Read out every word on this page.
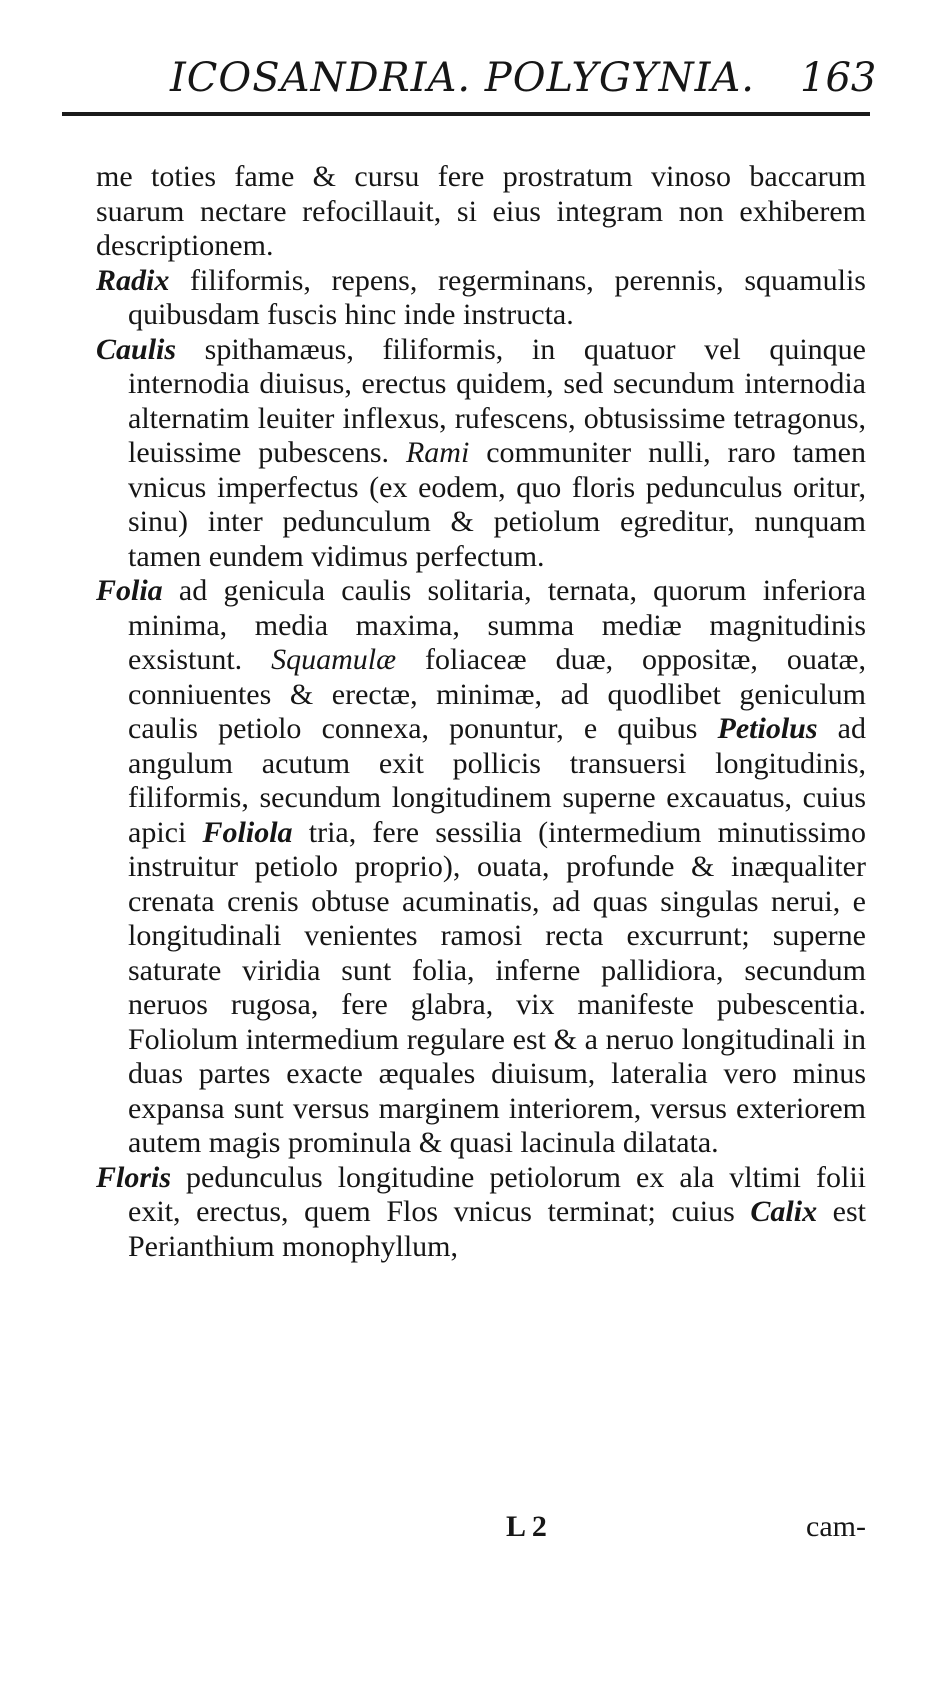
ICOSANDRIA. POLYGYNIA. 163

me toties fame & cursu fere prostratum vinoso baccarum suarum nectare refocillauit, si eius integram non exhiberem descriptionem.

Radix filiformis, repens, regerminans, perennis, squamulis quibusdam fuscis hinc inde instructa.

Caulis spithamæus, filiformis, in quatuor vel quinque internodia diuisus, erectus quidem, sed secundum internodia alternatim leuiter inflexus, rufescens, obtusissime tetragonus, leuissime pubescens. Rami communiter nulli, raro tamen vnicus imperfectus (ex eodem, quo floris pedunculus oritur, sinu) inter pedunculum & petiolum egreditur, nunquam tamen eundem vidimus perfectum.

Folia ad genicula caulis solitaria, ternata, quorum inferiora minima, media maxima, summa mediæ magnitudinis exsistunt. Squamulæ foliaceæ duæ, oppositæ, ouatæ, conniuentes & erectæ, minimæ, ad quodlibet geniculum caulis petiolo connexa, ponuntur, e quibus Petiolus ad angulum acutum exit pollicis transuersi longitudinis, filiformis, secundum longitudinem superne excauatus, cuius apici Foliola tria, fere sessilia (intermedium minutissimo instruitur petiolo proprio), ouata, profunde & inæqualiter crenata crenis obtuse acuminatis, ad quas singulas nerui, e longitudinali venientes ramosi recta excurrunt; superne saturate viridia sunt folia, inferne pallidiora, secundum neruos rugosa, fere glabra, vix manifeste pubescentia. Foliolum intermedium regulare est & a neruo longitudinali in duas partes exacte æquales diuisum, lateralia vero minus expansa sunt versus marginem interiorem, versus exteriorem autem magis prominula & quasi lacinula dilatata.

Floris pedunculus longitudine petiolorum ex ala vltimi folii exit, erectus, quem Flos vnicus terminat; cuius Calix est Perianthium monophyllum,

L 2	cam-
